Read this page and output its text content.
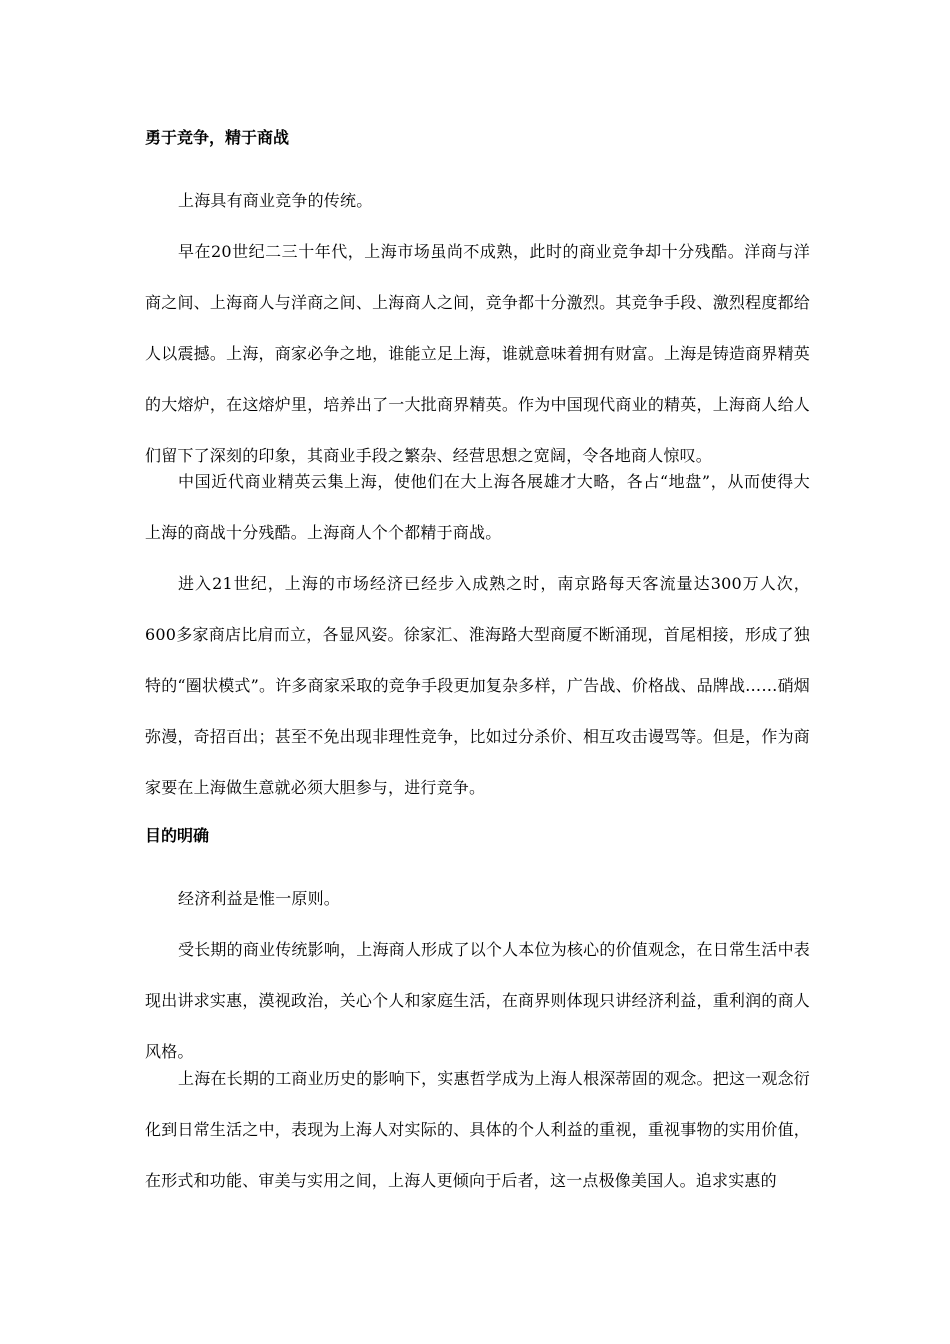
勇于竞争，精于商战

上海具有商业竞争的传统。

早在20世纪二三十年代，上海市场虽尚不成熟，此时的商业竞争却十分残酷。洋商与洋商之间、上海商人与洋商之间、上海商人之间，竞争都十分激烈。其竞争手段、激烈程度都给人以震撼。上海，商家必争之地，谁能立足上海，谁就意味着拥有财富。上海是铸造商界精英的大熔炉，在这熔炉里，培养出了一大批商界精英。作为中国现代商业的精英，上海商人给人们留下了深刻的印象，其商业手段之繁杂、经营思想之宽阔，令各地商人惊叹。

中国近代商业精英云集上海，使他们在大上海各展雄才大略，各占“地盘”，从而使得大上海的商战十分残酷。上海商人个个都精于商战。

进入21世纪，上海的市场经济已经步入成熟之时，南京路每天客流量达300万人次，600多家商店比肩而立，各显风姿。徐家汇、淮海路大型商厦不断涌现，首尾相接，形成了独特的“圈状模式”。许多商家采取的竞争手段更加复杂多样，广告战、价格战、品牌战……硝烟弥漫，奇招百出；甚至不免出现非理性竞争，比如过分杀价、相互攻击谩骂等。但是，作为商家要在上海做生意就必须大胆参与，进行竞争。

目的明确

经济利益是惟一原则。

受长期的商业传统影响，上海商人形成了以个人本位为核心的价值观念，在日常生活中表现出讲求实惠，漠视政治，关心个人和家庭生活，在商界则体现只讲经济利益，重利润的商人风格。

上海在长期的工商业历史的影响下，实惠哲学成为上海人根深蒂固的观念。把这一观念衍化到日常生活之中，表现为上海人对实际的、具体的个人利益的重视，重视事物的实用价值，在形式和功能、审美与实用之间，上海人更倾向于后者，这一点极像美国人。追求实惠的
